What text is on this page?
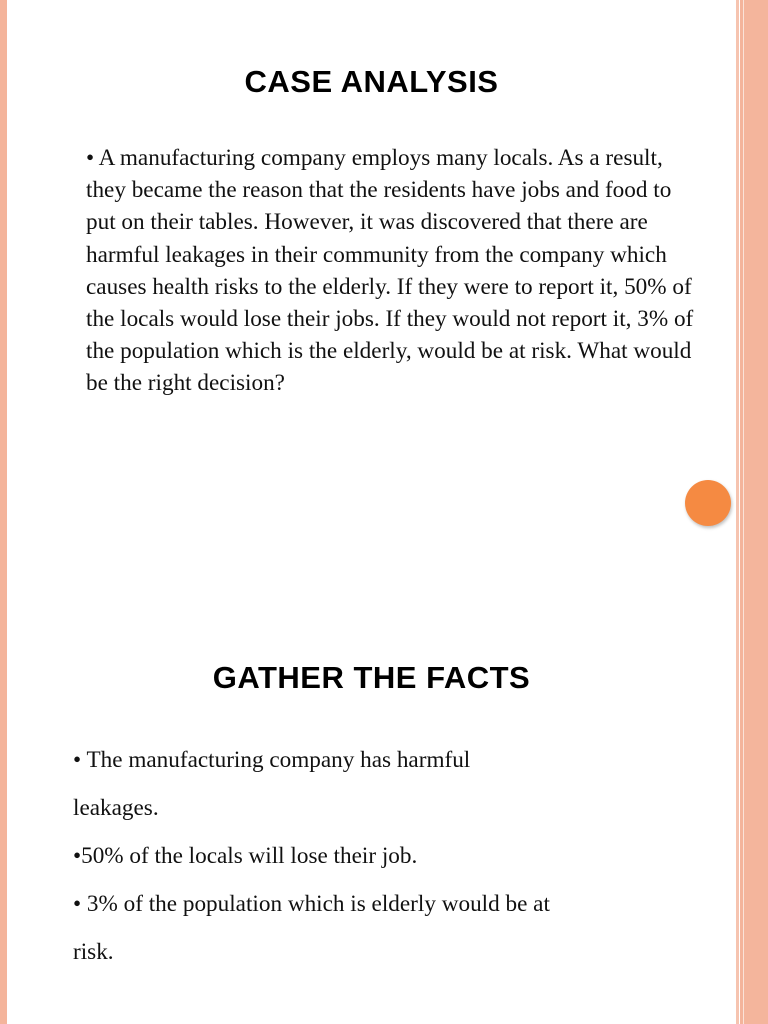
CASE ANALYSIS

• A manufacturing company employs many locals. As a result, they became the reason that the residents have jobs and food to put on their tables. However, it was discovered that there are harmful leakages in their community from the company which causes health risks to the elderly. If they were to report it, 50% of the locals would lose their jobs. If they would not report it, 3% of the population which is the elderly, would be at risk. What would be the right decision?

GATHER THE FACTS
• The manufacturing company has harmful
leakages.
•50% of the locals will lose their job.
• 3% of the population which is elderly would be at
risk.
